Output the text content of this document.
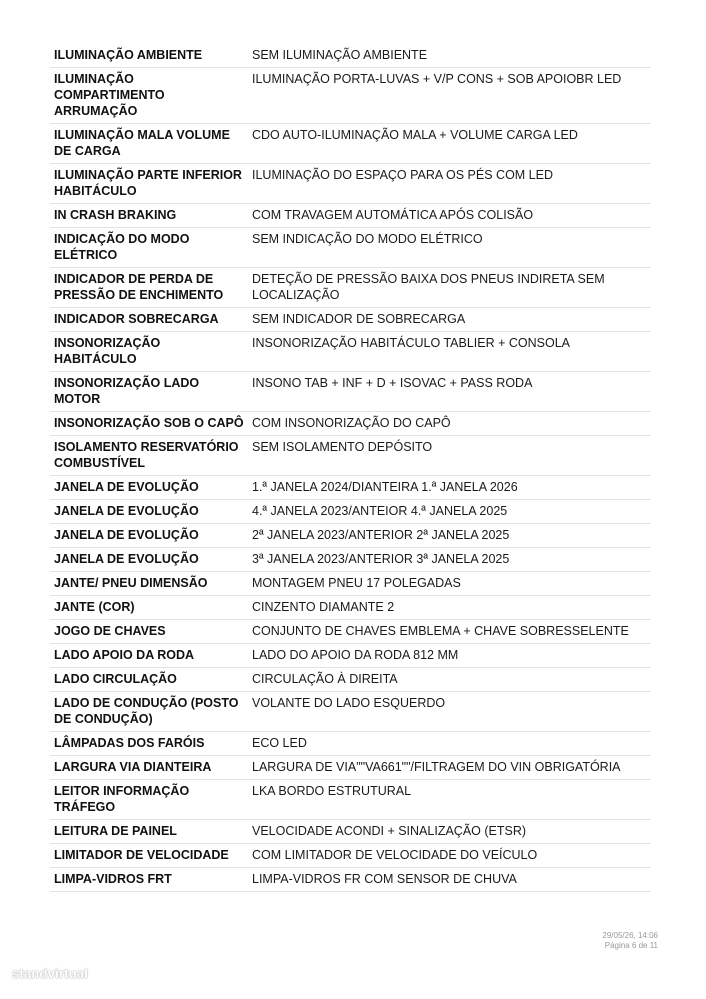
ILUMINAÇÃO AMBIENTE	SEM ILUMINAÇÃO AMBIENTE
ILUMINAÇÃO COMPARTIMENTO ARRUMAÇÃO	ILUMINAÇÃO PORTA-LUVAS + V/P CONS + SOB APOIOBR LED
ILUMINAÇÃO MALA VOLUME DE CARGA	CDO AUTO-ILUMINAÇÃO MALA + VOLUME CARGA LED
ILUMINAÇÃO PARTE INFERIOR HABITÁCULO	ILUMINAÇÃO DO ESPAÇO PARA OS PÉS COM LED
IN CRASH BRAKING	COM TRAVAGEM AUTOMÁTICA APÓS COLISÃO
INDICAÇÃO DO MODO ELÉTRICO	SEM INDICAÇÃO DO MODO ELÉTRICO
INDICADOR DE PERDA DE PRESSÃO DE ENCHIMENTO	DETEÇÃO DE PRESSÃO BAIXA DOS PNEUS INDIRETA SEM LOCALIZAÇÃO
INDICADOR SOBRECARGA	SEM INDICADOR DE SOBRECARGA
INSONORIZAÇÃO HABITÁCULO	INSONORIZAÇÃO HABITÁCULO TABLIER + CONSOLA
INSONORIZAÇÃO LADO MOTOR	INSONO TAB + INF + D + ISOVAC + PASS RODA
INSONORIZAÇÃO SOB O CAPÔ	COM INSONORIZAÇÃO DO CAPÔ
ISOLAMENTO RESERVATÓRIO COMBUSTÍVEL	SEM ISOLAMENTO DEPÓSITO
JANELA DE EVOLUÇÃO	1.ª JANELA 2024/DIANTEIRA 1.ª JANELA 2026
JANELA DE EVOLUÇÃO	4.ª JANELA 2023/ANTEIOR 4.ª JANELA 2025
JANELA DE EVOLUÇÃO	2ª JANELA 2023/ANTERIOR 2ª JANELA 2025
JANELA DE EVOLUÇÃO	3ª JANELA 2023/ANTERIOR 3ª JANELA 2025
JANTE/ PNEU DIMENSÃO	MONTAGEM PNEU 17 POLEGADAS
JANTE (COR)	CINZENTO DIAMANTE 2
JOGO DE CHAVES	CONJUNTO DE CHAVES EMBLEMA + CHAVE SOBRESSELENTE
LADO APOIO DA RODA	LADO DO APOIO DA RODA 812 MM
LADO CIRCULAÇÃO	CIRCULAÇÃO À DIREITA
LADO DE CONDUÇÃO (POSTO DE CONDUÇÃO)	VOLANTE DO LADO ESQUERDO
LÂMPADAS DOS FARÓIS	ECO LED
LARGURA VIA DIANTEIRA	LARGURA DE VIA""VA661""/FILTRAGEM DO VIN OBRIGATÓRIA
LEITOR INFORMAÇÃO TRÁFEGO	LKA BORDO ESTRUTURAL
LEITURA DE PAINEL	VELOCIDADE ACONDI + SINALIZAÇÃO (ETSR)
LIMITADOR DE VELOCIDADE	COM LIMITADOR DE VELOCIDADE DO VEÍCULO
LIMPA-VIDROS FRT	LIMPA-VIDROS FR COM SENSOR DE CHUVA
29/05/26, 14:06
Página 6 de 11
standvirtual
